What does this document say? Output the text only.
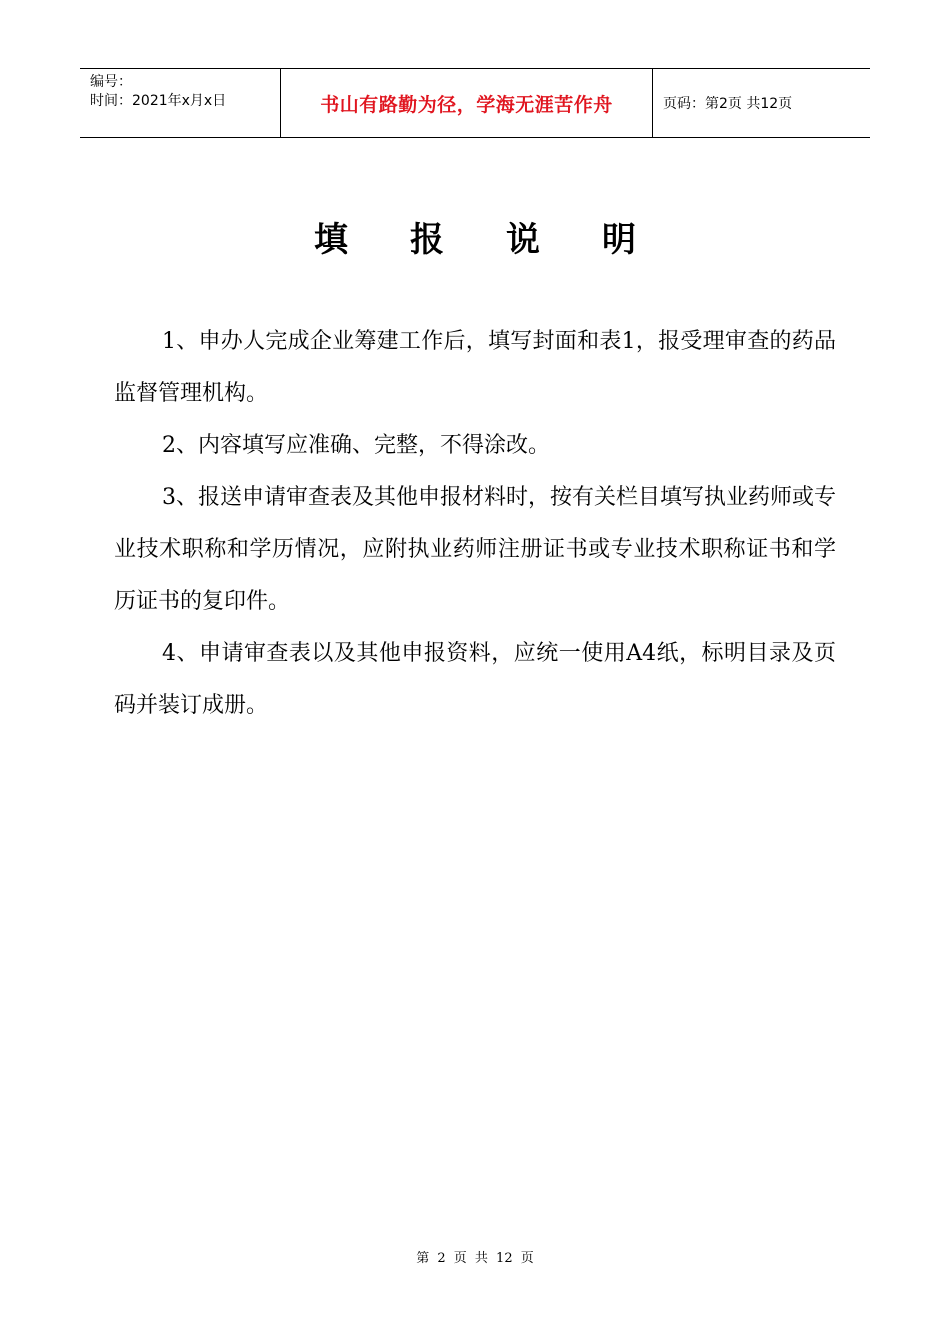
编号：
时间：2021年x月x日	书山有路勤为径，学海无涯苦作舟	页码：第2页 共12页
填报说明

1、申办人完成企业筹建工作后，填写封面和表1，报受理审查的药品监督管理机构。

2、内容填写应准确、完整，不得涂改。

3、报送申请审查表及其他申报材料时，按有关栏目填写执业药师或专业技术职称和学历情况，应附执业药师注册证书或专业技术职称证书和学历证书的复印件。

4、申请审查表以及其他申报资料，应统一使用A4纸，标明目录及页码并装订成册。

第 2 页 共 12 页
